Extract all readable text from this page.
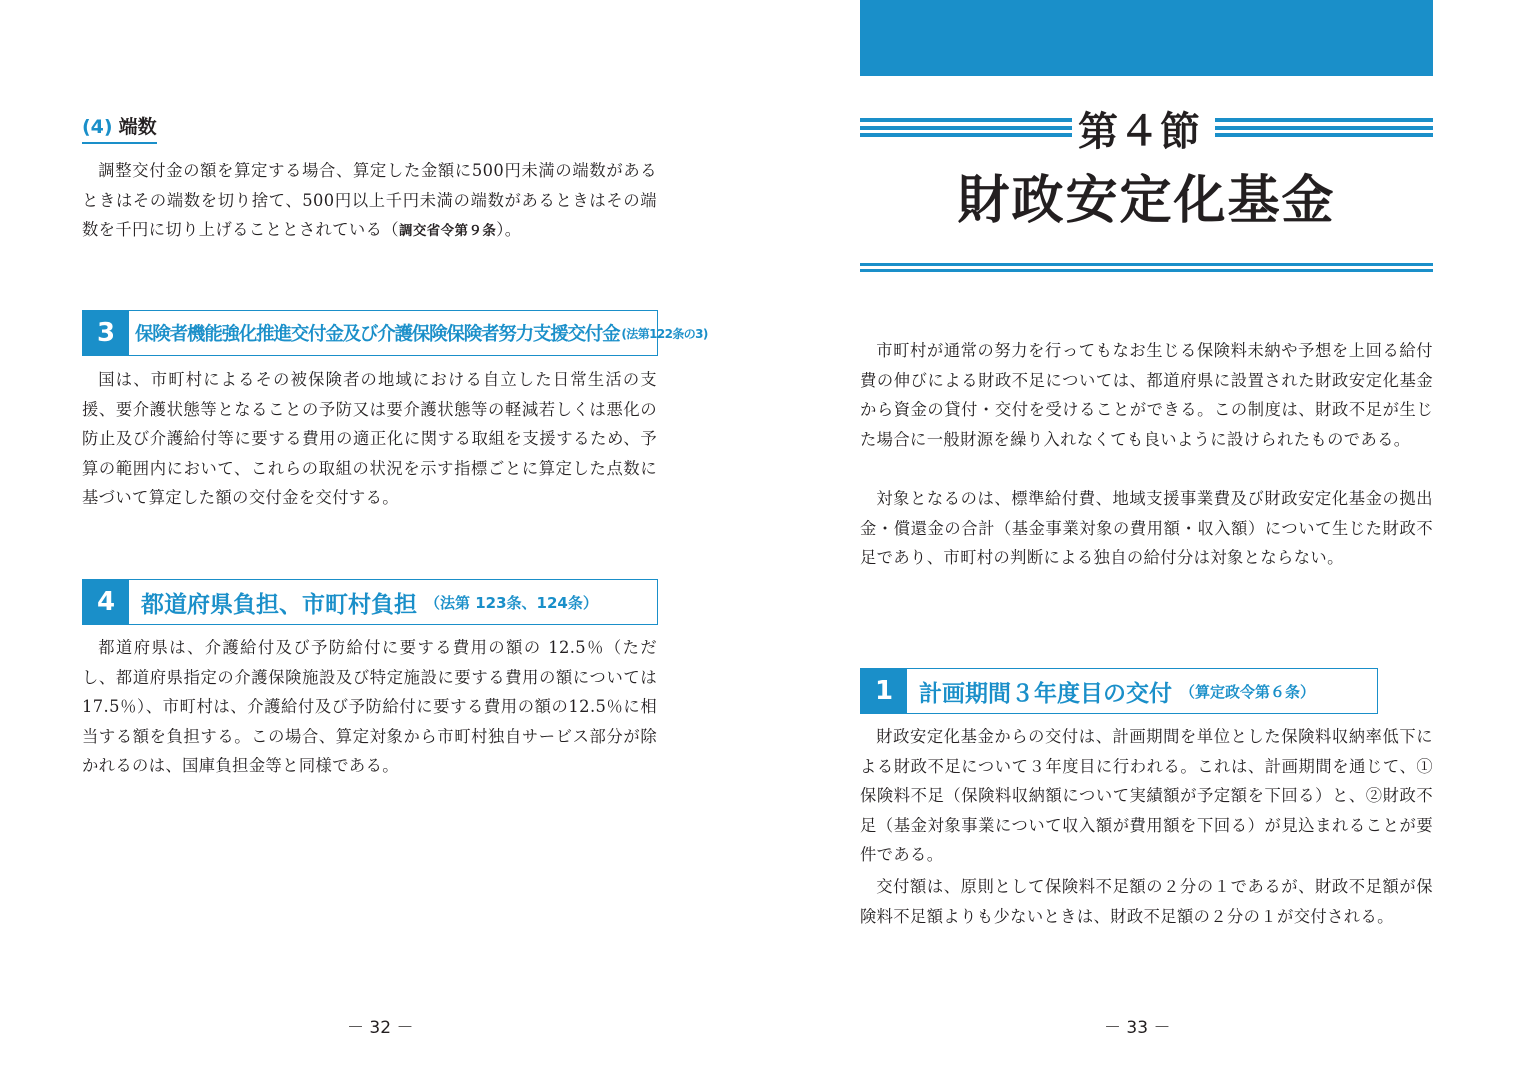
(4) 端数

調整交付金の額を算定する場合、算定した金額に500円未満の端数があるときはその端数を切り捨て、500円以上千円未満の端数があるときはその端数を千円に切り上げることとされている（調交省令第９条）。

3	保険者機能強化推進交付金及び介護保険保険者努力支援交付金 (法第122条の3)

国は、市町村によるその被保険者の地域における自立した日常生活の支援、要介護状態等となることの予防又は要介護状態等の軽減若しくは悪化の防止及び介護給付等に要する費用の適正化に関する取組を支援するため、予算の範囲内において、これらの取組の状況を示す指標ごとに算定した点数に基づいて算定した額の交付金を交付する。

4	都道府県負担、市町村負担 （法第 123条、124条）

都道府県は、介護給付及び予防給付に要する費用の額の 12.5％（ただし、都道府県指定の介護保険施設及び特定施設に要する費用の額については 17.5％）、市町村は、介護給付及び予防給付に要する費用の額の12.5％に相当する額を負担する。この場合、算定対象から市町村独自サービス部分が除かれるのは、国庫負担金等と同様である。

－ 32 －

第４節
財政安定化基金

市町村が通常の努力を行ってもなお生じる保険料未納や予想を上回る給付費の伸びによる財政不足については、都道府県に設置された財政安定化基金から資金の貸付・交付を受けることができる。この制度は、財政不足が生じた場合に一般財源を繰り入れなくても良いように設けられたものである。

対象となるのは、標準給付費、地域支援事業費及び財政安定化基金の拠出金・償還金の合計（基金事業対象の費用額・収入額）について生じた財政不足であり、市町村の判断による独自の給付分は対象とならない。

1	計画期間３年度目の交付 （算定政令第６条）

財政安定化基金からの交付は、計画期間を単位とした保険料収納率低下による財政不足について３年度目に行われる。これは、計画期間を通じて、①保険料不足（保険料収納額について実績額が予定額を下回る）と、②財政不足（基金対象事業について収入額が費用額を下回る）が見込まれることが要件である。

交付額は、原則として保険料不足額の２分の１であるが、財政不足額が保険料不足額よりも少ないときは、財政不足額の２分の１が交付される。

－ 33 －
